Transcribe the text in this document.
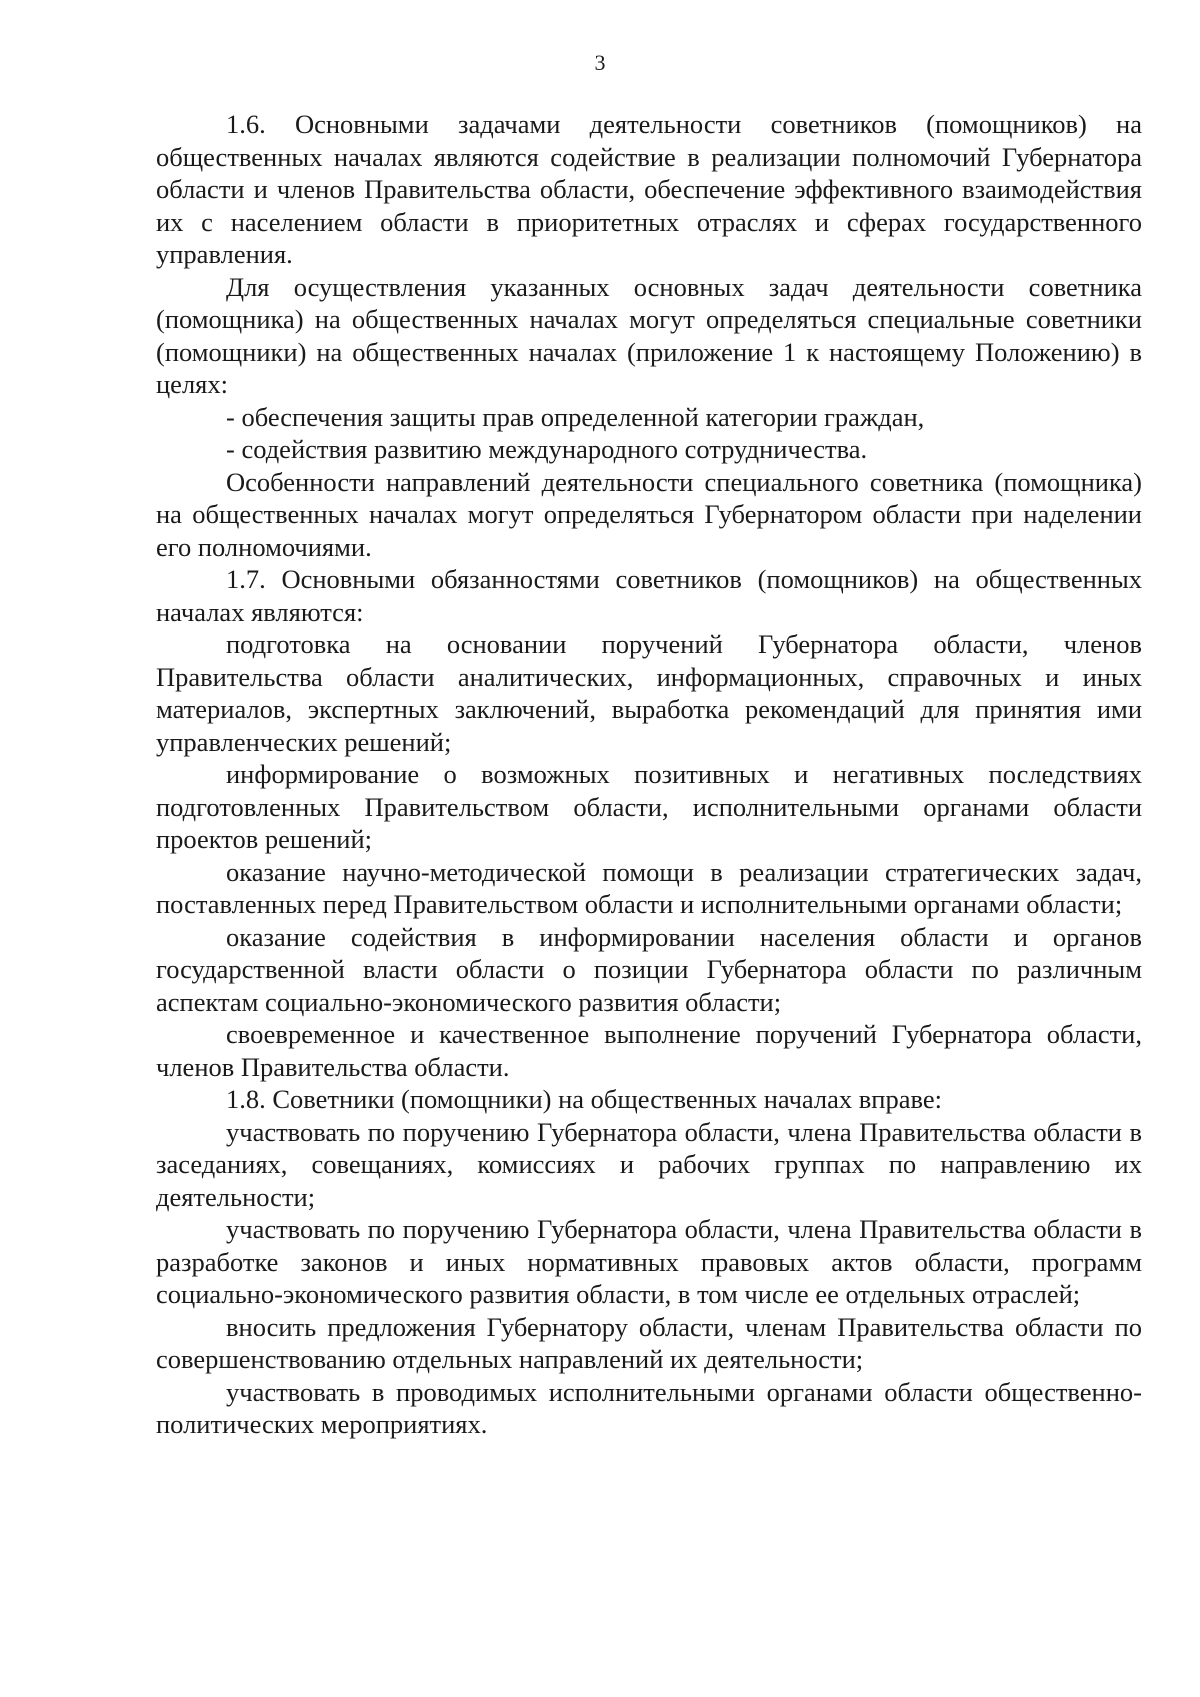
3

1.6. Основными задачами деятельности советников (помощников) на общественных началах являются содействие в реализации полномочий Губернатора области и членов Правительства области, обеспечение эффективного взаимодействия их с населением области в приоритетных отраслях и сферах государственного управления.

Для осуществления указанных основных задач деятельности советника (помощника) на общественных началах могут определяться специальные советники (помощники) на общественных началах (приложение 1 к настоящему Положению) в целях:

- обеспечения защиты прав определенной категории граждан,

- содействия развитию международного сотрудничества.

Особенности направлений деятельности специального советника (помощника) на общественных началах могут определяться Губернатором области при наделении его полномочиями.

1.7. Основными обязанностями советников (помощников) на общественных началах являются:

подготовка на основании поручений Губернатора области, членов Правительства области аналитических, информационных, справочных и иных материалов, экспертных заключений, выработка рекомендаций для принятия ими управленческих решений;

информирование о возможных позитивных и негативных последствиях подготовленных Правительством области, исполнительными органами области проектов решений;

оказание научно-методической помощи в реализации стратегических задач, поставленных перед Правительством области и исполнительными органами области;

оказание содействия в информировании населения области и органов государственной власти области о позиции Губернатора области по различным аспектам социально-экономического развития области;

своевременное и качественное выполнение поручений Губернатора области, членов Правительства области.

1.8. Советники (помощники) на общественных началах вправе:

участвовать по поручению Губернатора области, члена Правительства области в заседаниях, совещаниях, комиссиях и рабочих группах по направлению их деятельности;

участвовать по поручению Губернатора области, члена Правительства области в разработке законов и иных нормативных правовых актов области, программ социально-экономического развития области, в том числе ее отдельных отраслей;

вносить предложения Губернатору области, членам Правительства области по совершенствованию отдельных направлений их деятельности;

участвовать в проводимых исполнительными органами области общественно-политических мероприятиях.
